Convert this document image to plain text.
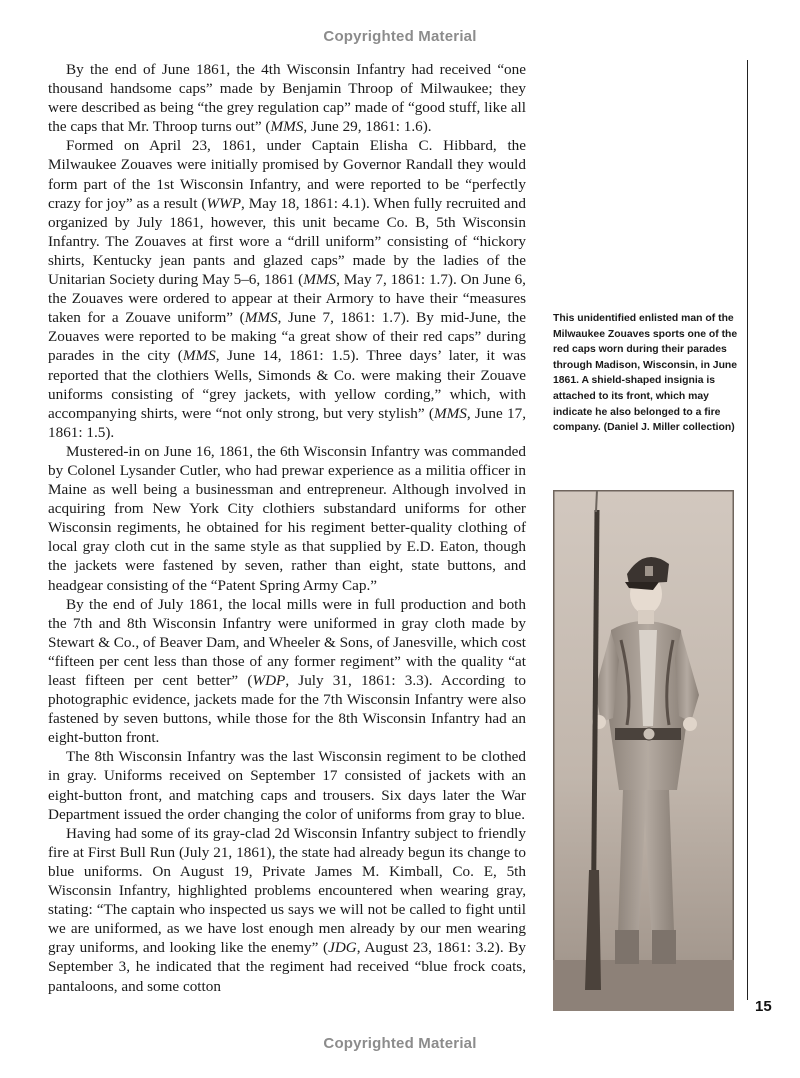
Copyrighted Material

By the end of June 1861, the 4th Wisconsin Infantry had received “one thousand handsome caps” made by Benjamin Throop of Milwaukee; they were described as being “the grey regulation cap” made of “good stuff, like all the caps that Mr. Throop turns out” (MMS, June 29, 1861: 1.6).

Formed on April 23, 1861, under Captain Elisha C. Hibbard, the Milwaukee Zouaves were initially promised by Governor Randall they would form part of the 1st Wisconsin Infantry, and were reported to be “perfectly crazy for joy” as a result (WWP, May 18, 1861: 4.1). When fully recruited and organized by July 1861, however, this unit became Co. B, 5th Wisconsin Infantry. The Zouaves at first wore a “drill uniform” consisting of “hickory shirts, Kentucky jean pants and glazed caps” made by the ladies of the Unitarian Society during May 5–6, 1861 (MMS, May 7, 1861: 1.7). On June 6, the Zouaves were ordered to appear at their Armory to have their “measures taken for a Zouave uniform” (MMS, June 7, 1861: 1.7). By mid-June, the Zouaves were reported to be making “a great show of their red caps” during parades in the city (MMS, June 14, 1861: 1.5). Three days’ later, it was reported that the clothiers Wells, Simonds & Co. were making their Zouave uniforms consisting of “grey jackets, with yellow cording,” which, with accompanying shirts, were “not only strong, but very stylish” (MMS, June 17, 1861: 1.5).

Mustered-in on June 16, 1861, the 6th Wisconsin Infantry was commanded by Colonel Lysander Cutler, who had prewar experience as a militia officer in Maine as well being a businessman and entrepreneur. Although involved in acquiring from New York City clothiers substandard uniforms for other Wisconsin regiments, he obtained for his regiment better-quality clothing of local gray cloth cut in the same style as that supplied by E.D. Eaton, though the jackets were fastened by seven, rather than eight, state buttons, and headgear consisting of the “Patent Spring Army Cap.”

By the end of July 1861, the local mills were in full production and both the 7th and 8th Wisconsin Infantry were uniformed in gray cloth made by Stewart & Co., of Beaver Dam, and Wheeler & Sons, of Janesville, which cost “fifteen per cent less than those of any former regiment” with the quality “at least fifteen per cent better” (WDP, July 31, 1861: 3.3). According to photographic evidence, jackets made for the 7th Wisconsin Infantry were also fastened by seven buttons, while those for the 8th Wisconsin Infantry had an eight-button front.

The 8th Wisconsin Infantry was the last Wisconsin regiment to be clothed in gray. Uniforms received on September 17 consisted of jackets with an eight-button front, and matching caps and trousers. Six days later the War Department issued the order changing the color of uniforms from gray to blue.

Having had some of its gray-clad 2d Wisconsin Infantry subject to friendly fire at First Bull Run (July 21, 1861), the state had already begun its change to blue uniforms. On August 19, Private James M. Kimball, Co. E, 5th Wisconsin Infantry, highlighted problems encountered when wearing gray, stating: “The captain who inspected us says we will not be called to fight until we are uniformed, as we have lost enough men already by our men wearing gray uniforms, and looking like the enemy” (JDG, August 23, 1861: 3.2). By September 3, he indicated that the regiment had received “blue frock coats, pantaloons, and some cotton

This unidentified enlisted man of the Milwaukee Zouaves sports one of the red caps worn during their parades through Madison, Wisconsin, in June 1861. A shield-shaped insignia is attached to its front, which may indicate he also belonged to a fire company. (Daniel J. Miller collection)
15
Copyrighted Material
